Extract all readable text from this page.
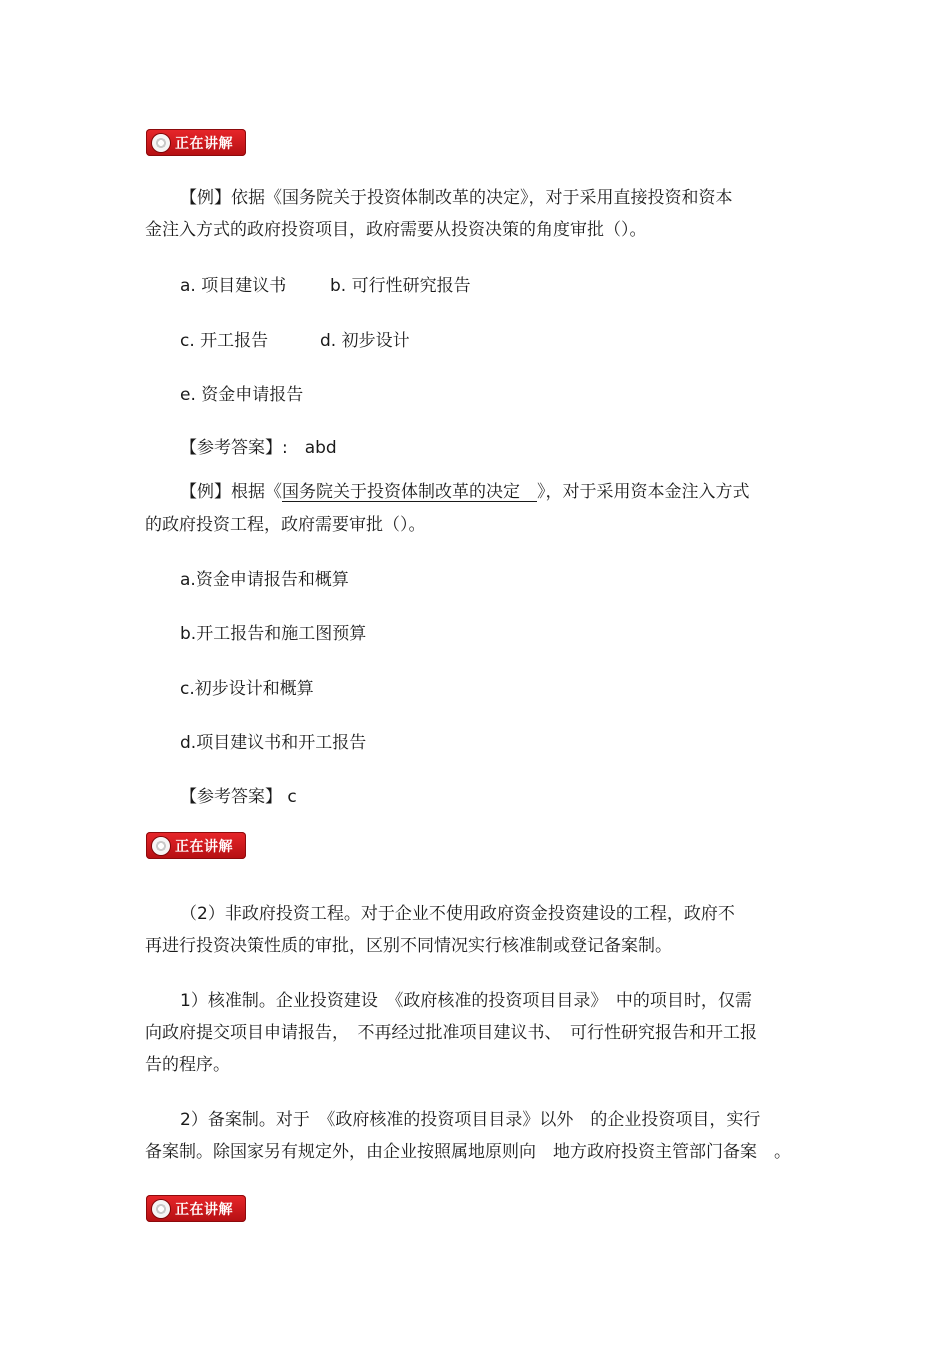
正在讲解
【例】依据《国务院关于投资体制改革的决定》，对于采用直接投资和资本
金注入方式的政府投资项目，政府需要从投资决策的角度审批（）。
a. 项目建议书	b. 可行性研究报告
c. 开工报告	d. 初步设计
e. 资金申请报告
【参考答案】:　abd
【例】根据《国务院关于投资体制改革的决定　》，对于采用资本金注入方式
的政府投资工程，政府需要审批（）。
a.资金申请报告和概算
b.开工报告和施工图预算
c.初步设计和概算
d.项目建议书和开工报告
【参考答案】 c
正在讲解
（2）非政府投资工程。对于企业不使用政府资金投资建设的工程，政府不
再进行投资决策性质的审批，区别不同情况实行核准制或登记备案制。
1）核准制。企业投资建设　《政府核准的投资项目目录》　中的项目时，仅需
向政府提交项目申请报告，　不再经过批准项目建议书、　可行性研究报告和开工报
告的程序。
2）备案制。对于　《政府核准的投资项目目录》以外　的企业投资项目，实行
备案制。除国家另有规定外，由企业按照属地原则向　地方政府投资主管部门备案　。
正在讲解
